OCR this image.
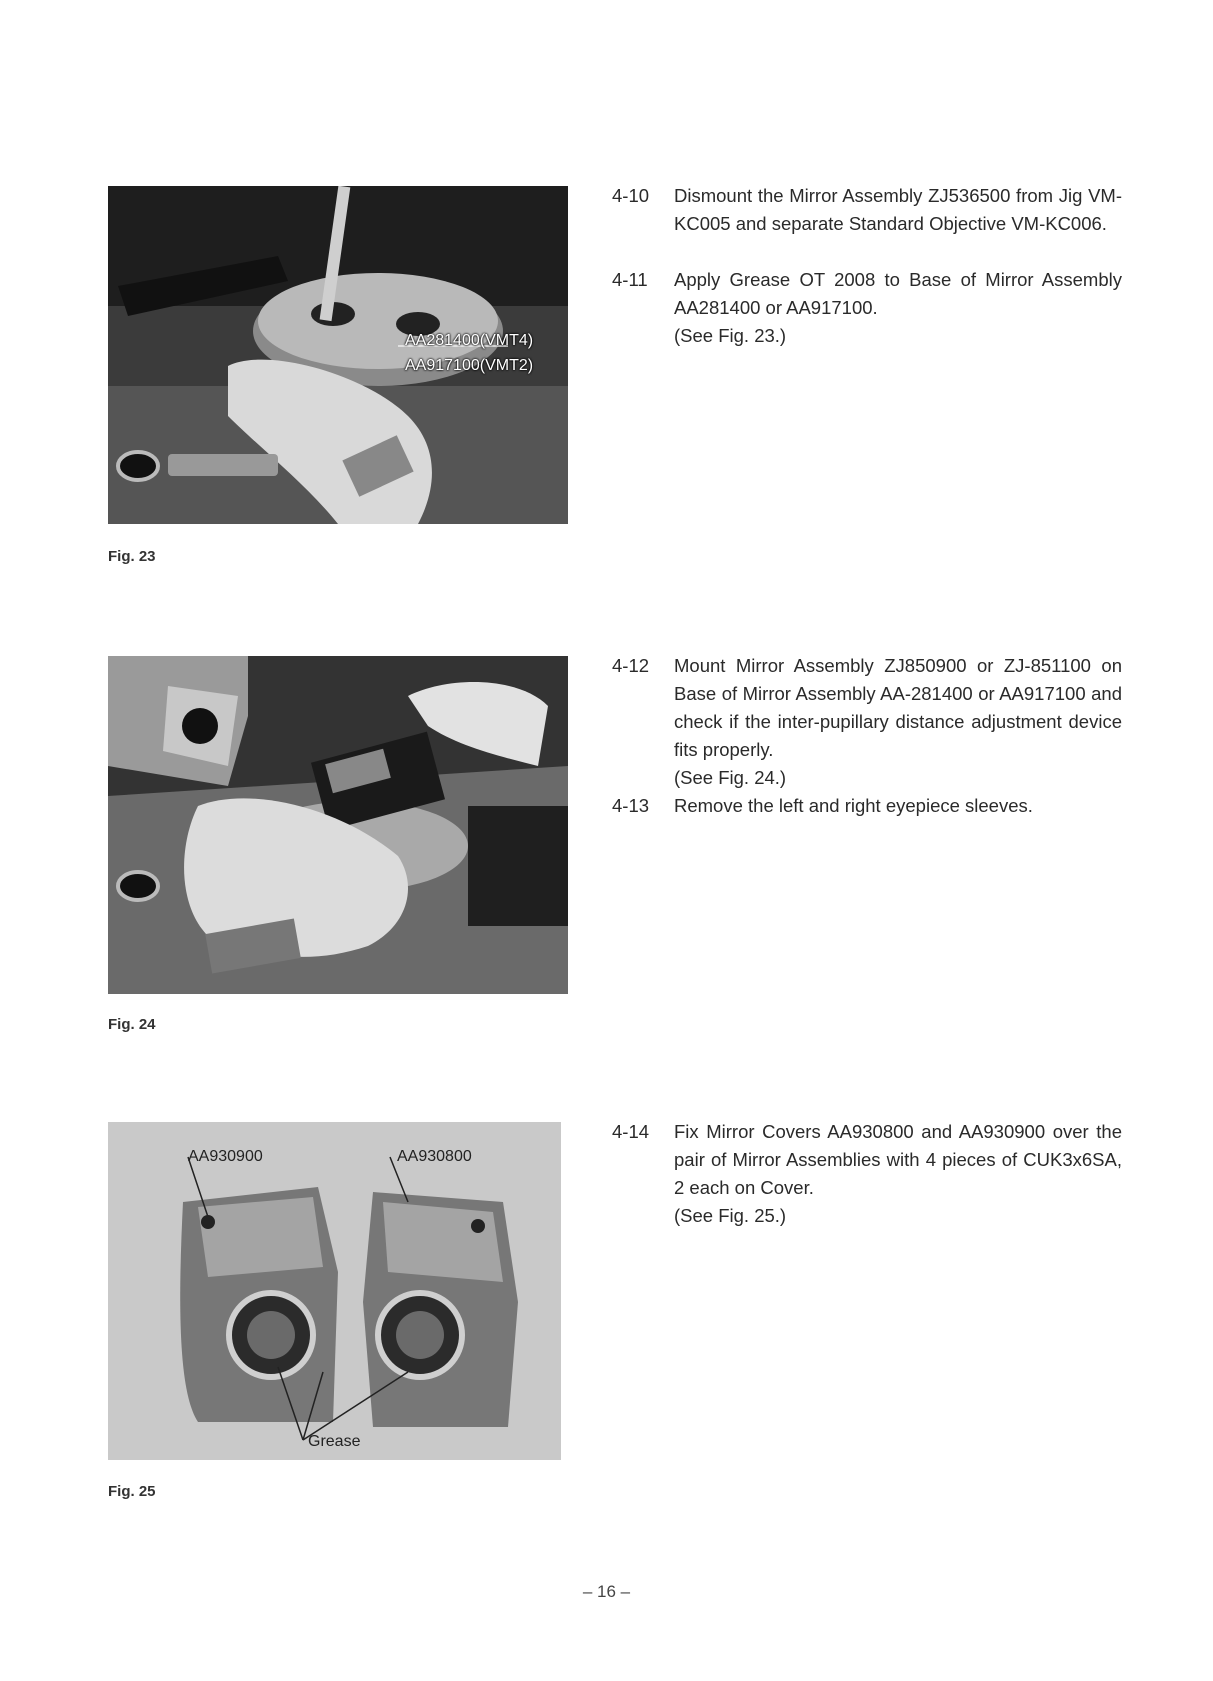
AA281400(VMT4)
AA917100(VMT2)
Fig. 23
Fig. 24
AA930900	AA930800
Grease
Fig. 25
4-10	Dismount the Mirror Assembly ZJ536500 from Jig VM-KC005 and separate Standard Objective VM-KC006.
4-11	Apply Grease OT 2008 to Base of Mirror Assembly AA281400 or AA917100.
(See Fig. 23.)
4-12	Mount Mirror Assembly ZJ850900 or ZJ-851100 on Base of Mirror Assembly AA-281400 or AA917100 and check if the inter-pupillary distance adjustment device fits properly.
(See Fig. 24.)
4-13	Remove the left and right eyepiece sleeves.
4-14	Fix Mirror Covers AA930800 and AA930900 over the pair of Mirror Assemblies with 4 pieces of CUK3x6SA, 2 each on Cover.
(See Fig. 25.)
– 16 –
